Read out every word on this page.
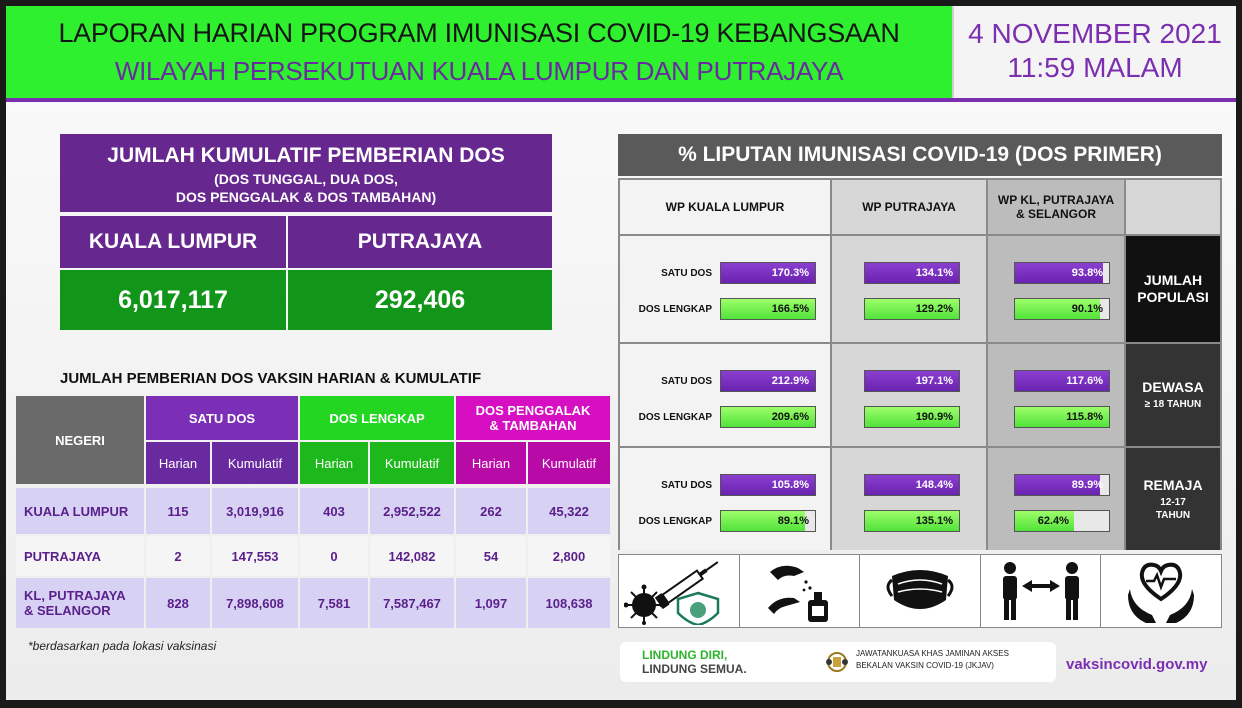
LAPORAN HARIAN PROGRAM IMUNISASI COVID-19 KEBANGSAAN
WILAYAH PERSEKUTUAN KUALA LUMPUR DAN PUTRAJAYA
4 NOVEMBER 2021
11:59 MALAM
JUMLAH KUMULATIF PEMBERIAN DOS
(DOS TUNGGAL, DUA DOS,
DOS PENGGALAK & DOS TAMBAHAN)
KUALA LUMPUR	PUTRAJAYA
6,017,117	292,406
JUMLAH PEMBERIAN DOS VAKSIN HARIAN & KUMULATIF
NEGERI
SATU DOS
Harian	Kumulatif
DOS LENGKAP
Harian	Kumulatif
DOS PENGGALAK
& TAMBAHAN
Harian	Kumulatif
KUALA LUMPUR	115	3,019,916	403	2,952,522	262	45,322
PUTRAJAYA	2	147,553	0	142,082	54	2,800
KL, PUTRAJAYA
& SELANGOR	828	7,898,608	7,581	7,587,467	1,097	108,638
*berdasarkan pada lokasi vaksinasi
% LIPUTAN IMUNISASI COVID-19 (DOS PRIMER)
WP KUALA LUMPUR	WP PUTRAJAYA	WP KL, PUTRAJAYA
& SELANGOR
JUMLAH
POPULASI
SATU DOS	170.3%	134.1%	93.8%
DOS LENGKAP	166.5%	129.2%	90.1%
DEWASA
≥ 18 TAHUN
SATU DOS	212.9%	197.1%	117.6%
DOS LENGKAP	209.6%	190.9%	115.8%
REMAJA
12-17
TAHUN
SATU DOS	105.8%	148.4%	89.9%
DOS LENGKAP	89.1%	135.1%	62.4%
LINDUNG DIRI,
LINDUNG SEMUA.
JAWATANKUASA KHAS JAMINAN AKSES
BEKALAN VAKSIN COVID-19 (JKJAV)	vaksincovid.gov.my
